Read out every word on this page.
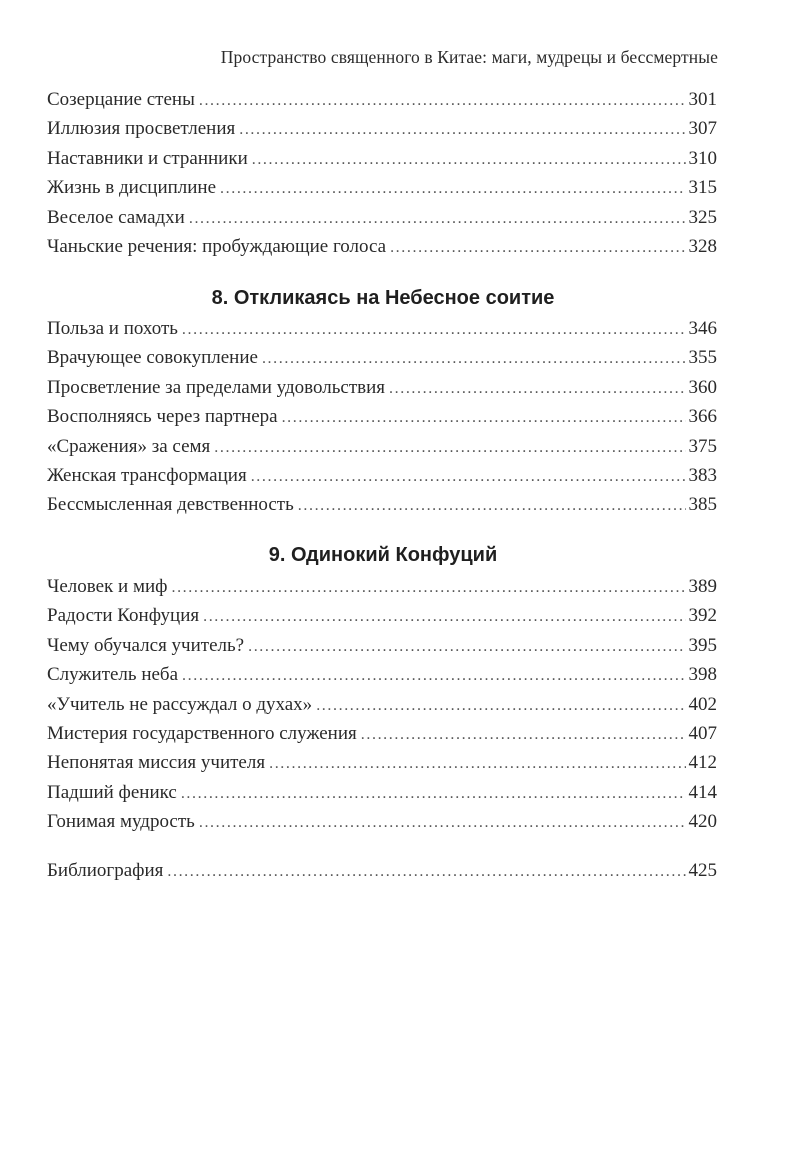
Пространство священного в Китае: маги, мудрецы и бессмертные
Созерцание стены . . .	301
Иллюзия просветления . . .	307
Наставники и странники . . .	310
Жизнь в дисциплине . . .	315
Веселое самадхи . . .	325
Чаньские речения: пробуждающие голоса . . .	328
8. Откликаясь на Небесное соитие
Польза и похоть . . .	346
Врачующее совокупление . . .	355
Просветление за пределами удовольствия . . .	360
Восполняясь через партнера . . .	366
«Сражения» за семя . . .	375
Женская трансформация . . .	383
Бессмысленная девственность . . .	385
9. Одинокий Конфуций
Человек и миф . . .	389
Радости Конфуция . . .	392
Чему обучался учитель? . . .	395
Служитель неба . . .	398
«Учитель не рассуждал о духах» . . .	402
Мистерия государственного служения . . .	407
Непонятая миссия учителя . . .	412
Падший феникс . . .	414
Гонимая мудрость . . .	420
Библиография . . .	425
